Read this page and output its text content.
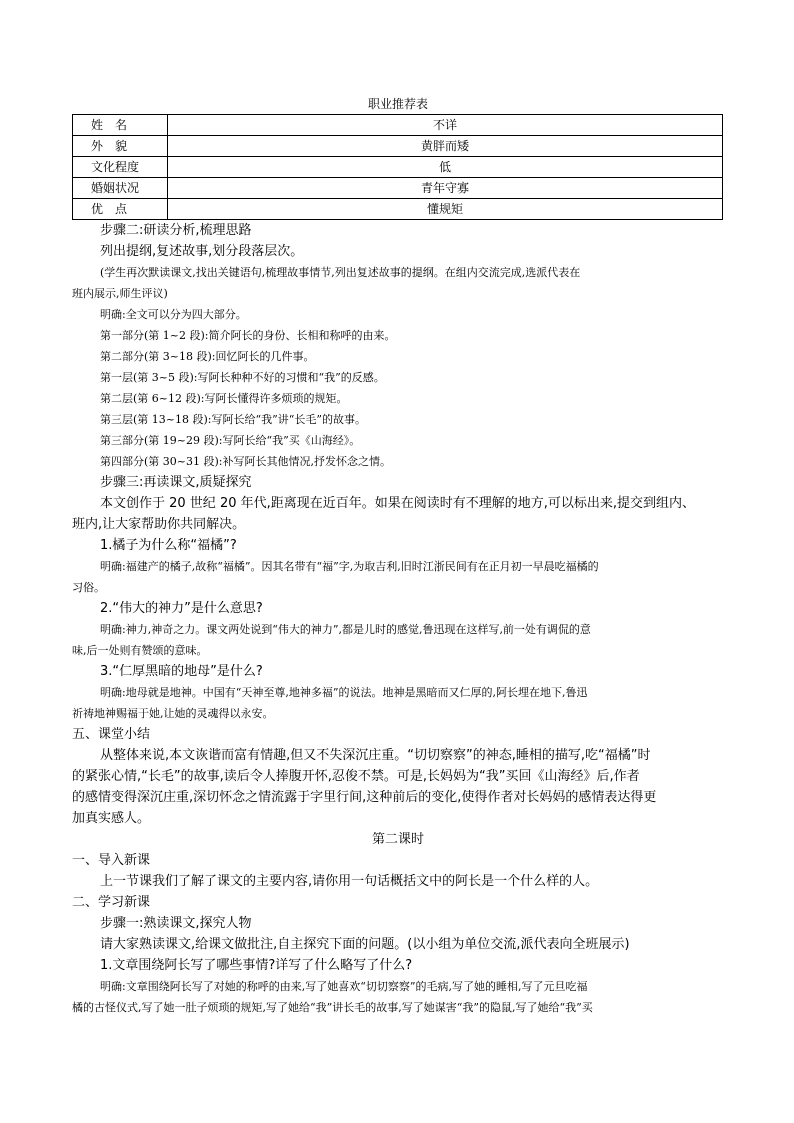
职业推荐表
姓　名	不详
外　貌	黄胖而矮
文化程度	低
婚姻状况	青年守寡
优　点	懂规矩
步骤二:研读分析,梳理思路
列出提纲,复述故事,划分段落层次。
(学生再次默读课文,找出关键语句,梳理故事情节,列出复述故事的提纲。在组内交流完成,选派代表在
班内展示,师生评议)
明确:全文可以分为四大部分。
第一部分(第 1~2 段):简介阿长的身份、长相和称呼的由来。
第二部分(第 3~18 段):回忆阿长的几件事。
第一层(第 3~5 段):写阿长种种不好的习惯和“我”的反感。
第二层(第 6~12 段):写阿长懂得许多烦琐的规矩。
第三层(第 13~18 段):写阿长给“我”讲“长毛”的故事。
第三部分(第 19~29 段):写阿长给“我”买《山海经》。
第四部分(第 30~31 段):补写阿长其他情况,抒发怀念之情。
步骤三:再读课文,质疑探究
本文创作于 20 世纪 20 年代,距离现在近百年。如果在阅读时有不理解的地方,可以标出来,提交到组内、
班内,让大家帮助你共同解决。
1.橘子为什么称“福橘”?
明确:福建产的橘子,故称“福橘”。因其名带有“福”字,为取吉利,旧时江浙民间有在正月初一早晨吃福橘的
习俗。
2.“伟大的神力”是什么意思?
明确:神力,神奇之力。课文两处说到“伟大的神力”,都是儿时的感觉,鲁迅现在这样写,前一处有调侃的意
味,后一处则有赞颂的意味。
3.“仁厚黑暗的地母”是什么?
明确:地母就是地神。中国有“天神至尊,地神多福”的说法。地神是黑暗而又仁厚的,阿长埋在地下,鲁迅
祈祷地神赐福于她,让她的灵魂得以永安。
五、课堂小结
从整体来说,本文诙谐而富有情趣,但又不失深沉庄重。“切切察察”的神态,睡相的描写,吃“福橘”时
的紧张心情,“长毛”的故事,读后令人捧腹开怀,忍俊不禁。可是,长妈妈为“我”买回《山海经》后,作者
的感情变得深沉庄重,深切怀念之情流露于字里行间,这种前后的变化,使得作者对长妈妈的感情表达得更
加真实感人。
第二课时
一、导入新课
上一节课我们了解了课文的主要内容,请你用一句话概括文中的阿长是一个什么样的人。
二、学习新课
步骤一:熟读课文,探究人物
请大家熟读课文,给课文做批注,自主探究下面的问题。(以小组为单位交流,派代表向全班展示)
1.文章围绕阿长写了哪些事情?详写了什么略写了什么?
明确:文章围绕阿长写了对她的称呼的由来,写了她喜欢“切切察察”的毛病,写了她的睡相,写了元旦吃福
橘的古怪仪式,写了她一肚子烦琐的规矩,写了她给“我”讲长毛的故事,写了她谋害“我”的隐鼠,写了她给“我”买
